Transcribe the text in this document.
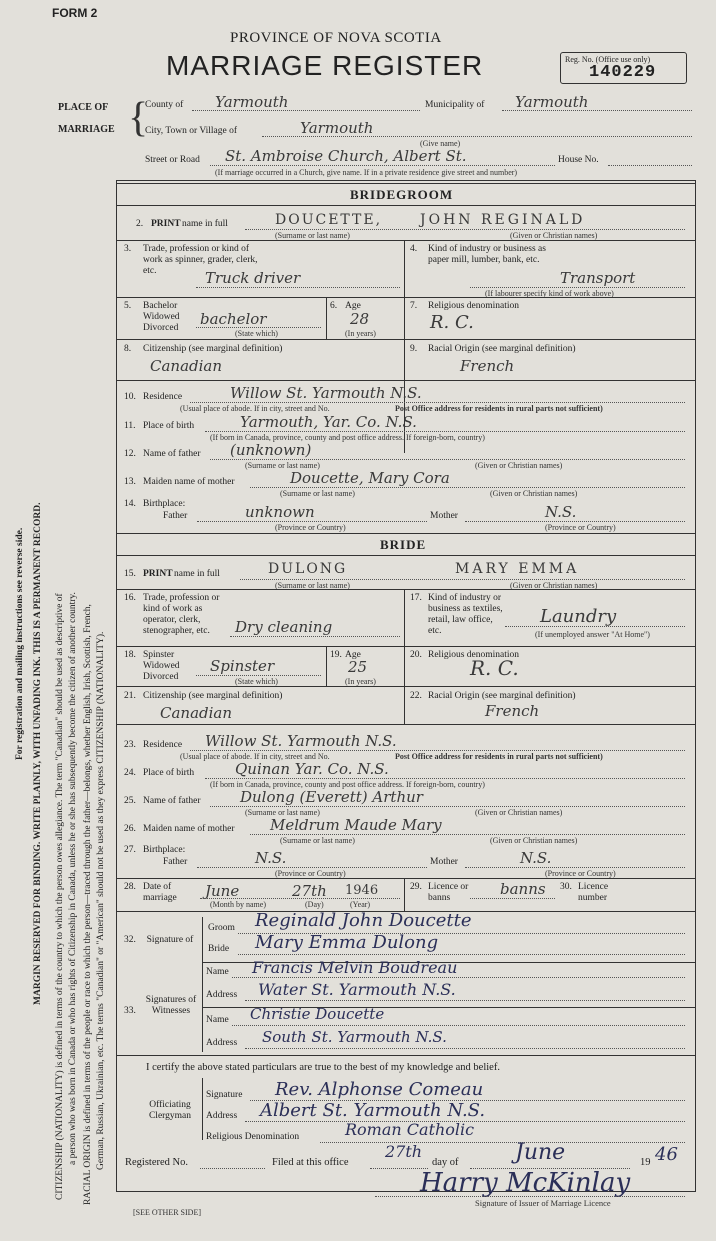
FORM 2
PROVINCE OF NOVA SCOTIA
MARRIAGE REGISTER	Reg. No. (Office use only)
140229
PLACE OF
MARRIAGE {
County of Yarmouth	Municipality of Yarmouth
City, Town or Village of	Yarmouth
(Give name)
Street or Road St. Ambroise Church, Albert St.	House No.
(If marriage occurred in a Church, give name. If in a private residence give street and number)
BRIDEGROOM
2. PRINT name in full	DOUCETTE,	JOHN REGINALD
(Surname or last name)	(Given or Christian names)
3. Trade, profession or kind of work as spinner, grader, clerk, etc.	Truck driver
4. Kind of industry or business as paper mill, lumber, bank, etc.
Transport
(If labourer specify kind of work above)
5. Bachelor Widowed Divorced	bachelor
(State which)
6. Age
28
(In years)
7. Religious denomination
R. C.
8. Citizenship (see marginal definition)
Canadian
9. Racial Origin (see marginal definition)
French
10. Residence	Willow St. Yarmouth N.S.
(Usual place of abode. If in city, street and No.	Post Office address for residents in rural parts not sufficient)
11. Place of birth	Yarmouth, Yar. Co. N.S.
(If born in Canada, province, county and post office address. If foreign-born, country)
12. Name of father (unknown)
(Surname or last name)	(Given or Christian names)
13. Maiden name of mother	Doucette, Mary Cora
(Surname or last name)	(Given or Christian names)
14. Birthplace:
Father	unknown
(Province or Country)
Mother	N.S.
(Province or Country)
BRIDE
15. PRINT name in full	DULONG	MARY EMMA
(Surname or last name)	(Given or Christian names)
16. Trade, profession or kind of work as operator, clerk, stenographer, etc.	Dry cleaning
17. Kind of industry or business as textiles, retail, law office, etc.
Laundry
(If unemployed answer "At Home")
18. Spinster Widowed Divorced
Spinster
(State which)
19. Age
25
(In years)
20. Religious denomination
R. C.
21. Citizenship (see marginal definition)
Canadian
22. Racial Origin (see marginal definition)
French
23. Residence Willow St. Yarmouth N.S.
(Usual place of abode. If in city, street and No.	Post Office address for residents in rural parts not sufficient)
24. Place of birth	Quinan Yar. Co. N.S.
(If born in Canada, province, county and post office address. If foreign-born, country)
25. Name of father	Dulong (Everett) Arthur
(Surname or last name)	(Given or Christian names)
26. Maiden name of mother Meldrum Maude Mary
(Surname or last name)	(Given or Christian names)
27. Birthplace:
Father	N.S.
(Province or Country)
Mother	N.S.
(Province or Country)
28. Date of marriage	June	27th 1946
(Month by name)	(Day)	(Year)
29. Licence or banns	banns 30. Licence number
32. Signature of
Groom Reginald John Doucette
Bride Mary Emma Dulong
33.
Signatures of Witnesses
Name Francis Melvin Boudreau
Address Water St. Yarmouth N.S.
Name Christie Doucette
Address South St. Yarmouth N.S.
I certify the above stated particulars are true to the best of my knowledge and belief.
Officiating Clergyman
Signature Rev. Alphonse Comeau
Address Albert St. Yarmouth N.S.
Religious Denomination	Roman Catholic
Registered No.	Filed at this office
27th
day of	June	19 46
Harry McKinlay
Signature of Issuer of Marriage Licence
[SEE OTHER SIDE]
For registration and mailing instructions see reverse side. MARGIN RESERVED FOR BINDING. WRITE PLAINLY, WITH UNFADING INK. THIS IS A PERMANENT RECORD. CITIZENSHIP (NATIONALITY) is defined in terms of the country to which the person owes allegiance. The term "Canadian" should be used as descriptive of a person who was born in Canada or who has rights of Citizenship in Canada, unless he or she has subsequently become the citizen of another country. RACIAL ORIGIN is defined in terms of the people or race to which the person—traced through the father—belongs, whether English, Irish, Scottish, French, German, Russian, Ukrainian, etc. The terms "Canadian" or "American" should not be used as they express CITIZENSHIP (NATIONALITY).
